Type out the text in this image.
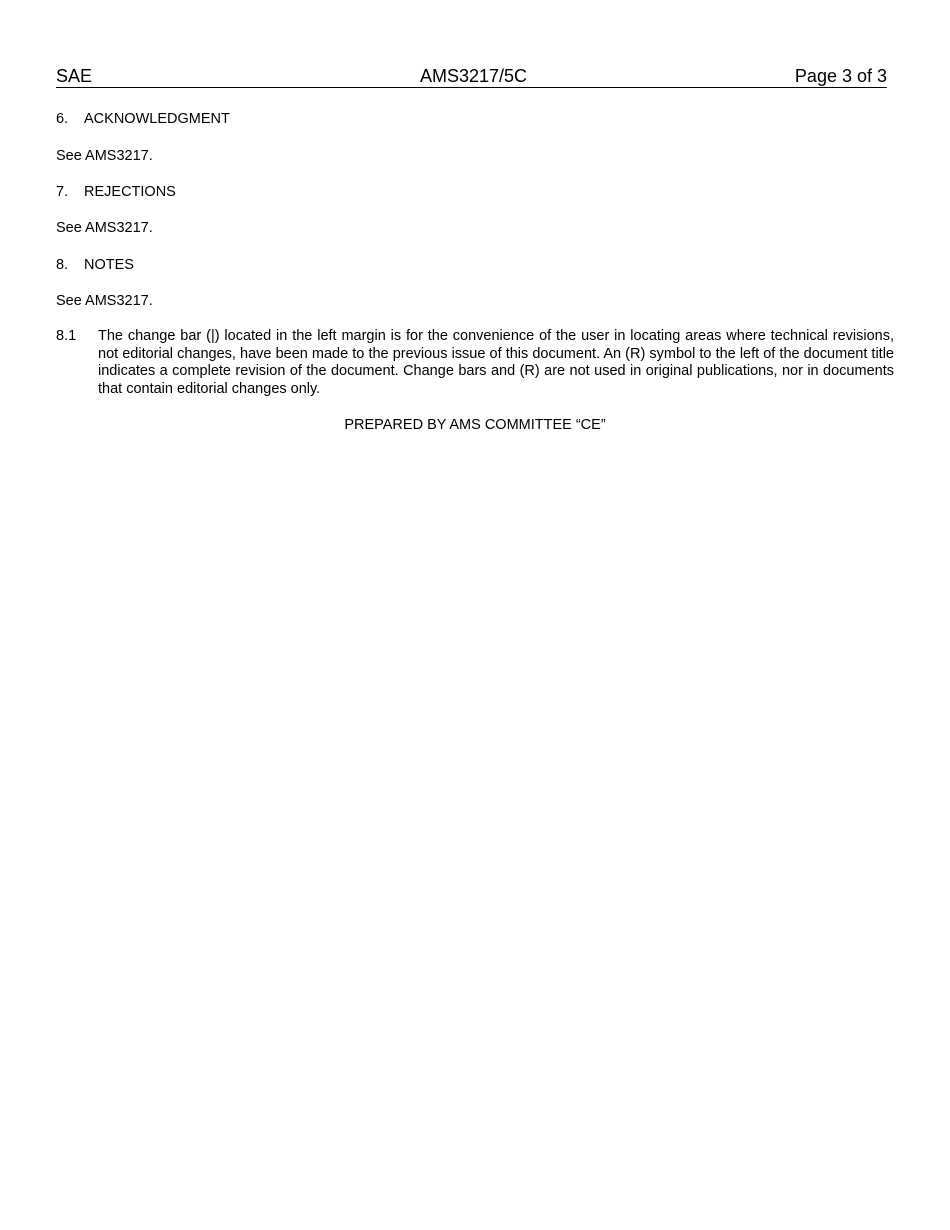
SAE	AMS3217/5C	Page 3 of 3
6. ACKNOWLEDGMENT
See AMS3217.
7. REJECTIONS
See AMS3217.
8. NOTES
See AMS3217.
8.1 The change bar (|) located in the left margin is for the convenience of the user in locating areas where technical revisions, not editorial changes, have been made to the previous issue of this document. An (R) symbol to the left of the document title indicates a complete revision of the document. Change bars and (R) are not used in original publications, nor in documents that contain editorial changes only.
PREPARED BY AMS COMMITTEE “CE”
